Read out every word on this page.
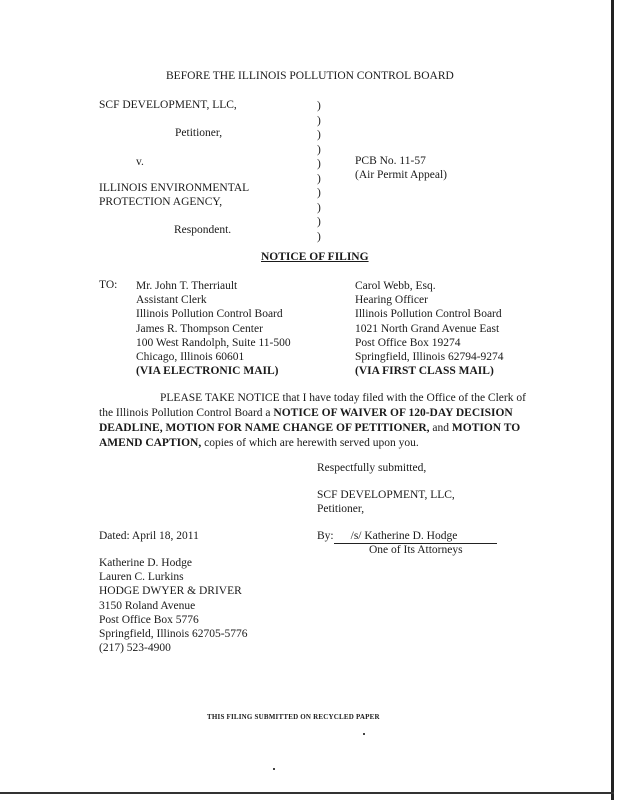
BEFORE THE ILLINOIS POLLUTION CONTROL BOARD
SCF DEVELOPMENT, LLC,
Petitioner,
v.
ILLINOIS ENVIRONMENTAL
PROTECTION AGENCY,
Respondent.
)
)
)
)
)
)
)
)
)
)
PCB No. 11-57
(Air Permit Appeal)
NOTICE OF FILING
TO: Mr. John T. Therriault
Assistant Clerk
Illinois Pollution Control Board
James R. Thompson Center
100 West Randolph, Suite 11-500
Chicago, Illinois 60601
(VIA ELECTRONIC MAIL)
Carol Webb, Esq.
Hearing Officer
Illinois Pollution Control Board
1021 North Grand Avenue East
Post Office Box 19274
Springfield, Illinois 62794-9274
(VIA FIRST CLASS MAIL)
PLEASE TAKE NOTICE that I have today filed with the Office of the Clerk of the Illinois Pollution Control Board a NOTICE OF WAIVER OF 120-DAY DECISION DEADLINE, MOTION FOR NAME CHANGE OF PETITIONER, and MOTION TO AMEND CAPTION, copies of which are herewith served upon you.
Respectfully submitted,
SCF DEVELOPMENT, LLC,
Petitioner,
Dated: April 18, 2011	By: /s/ Katherine D. Hodge
One of Its Attorneys
Katherine D. Hodge
Lauren C. Lurkins
HODGE DWYER & DRIVER
3150 Roland Avenue
Post Office Box 5776
Springfield, Illinois 62705-5776
(217) 523-4900
THIS FILING SUBMITTED ON RECYCLED PAPER
